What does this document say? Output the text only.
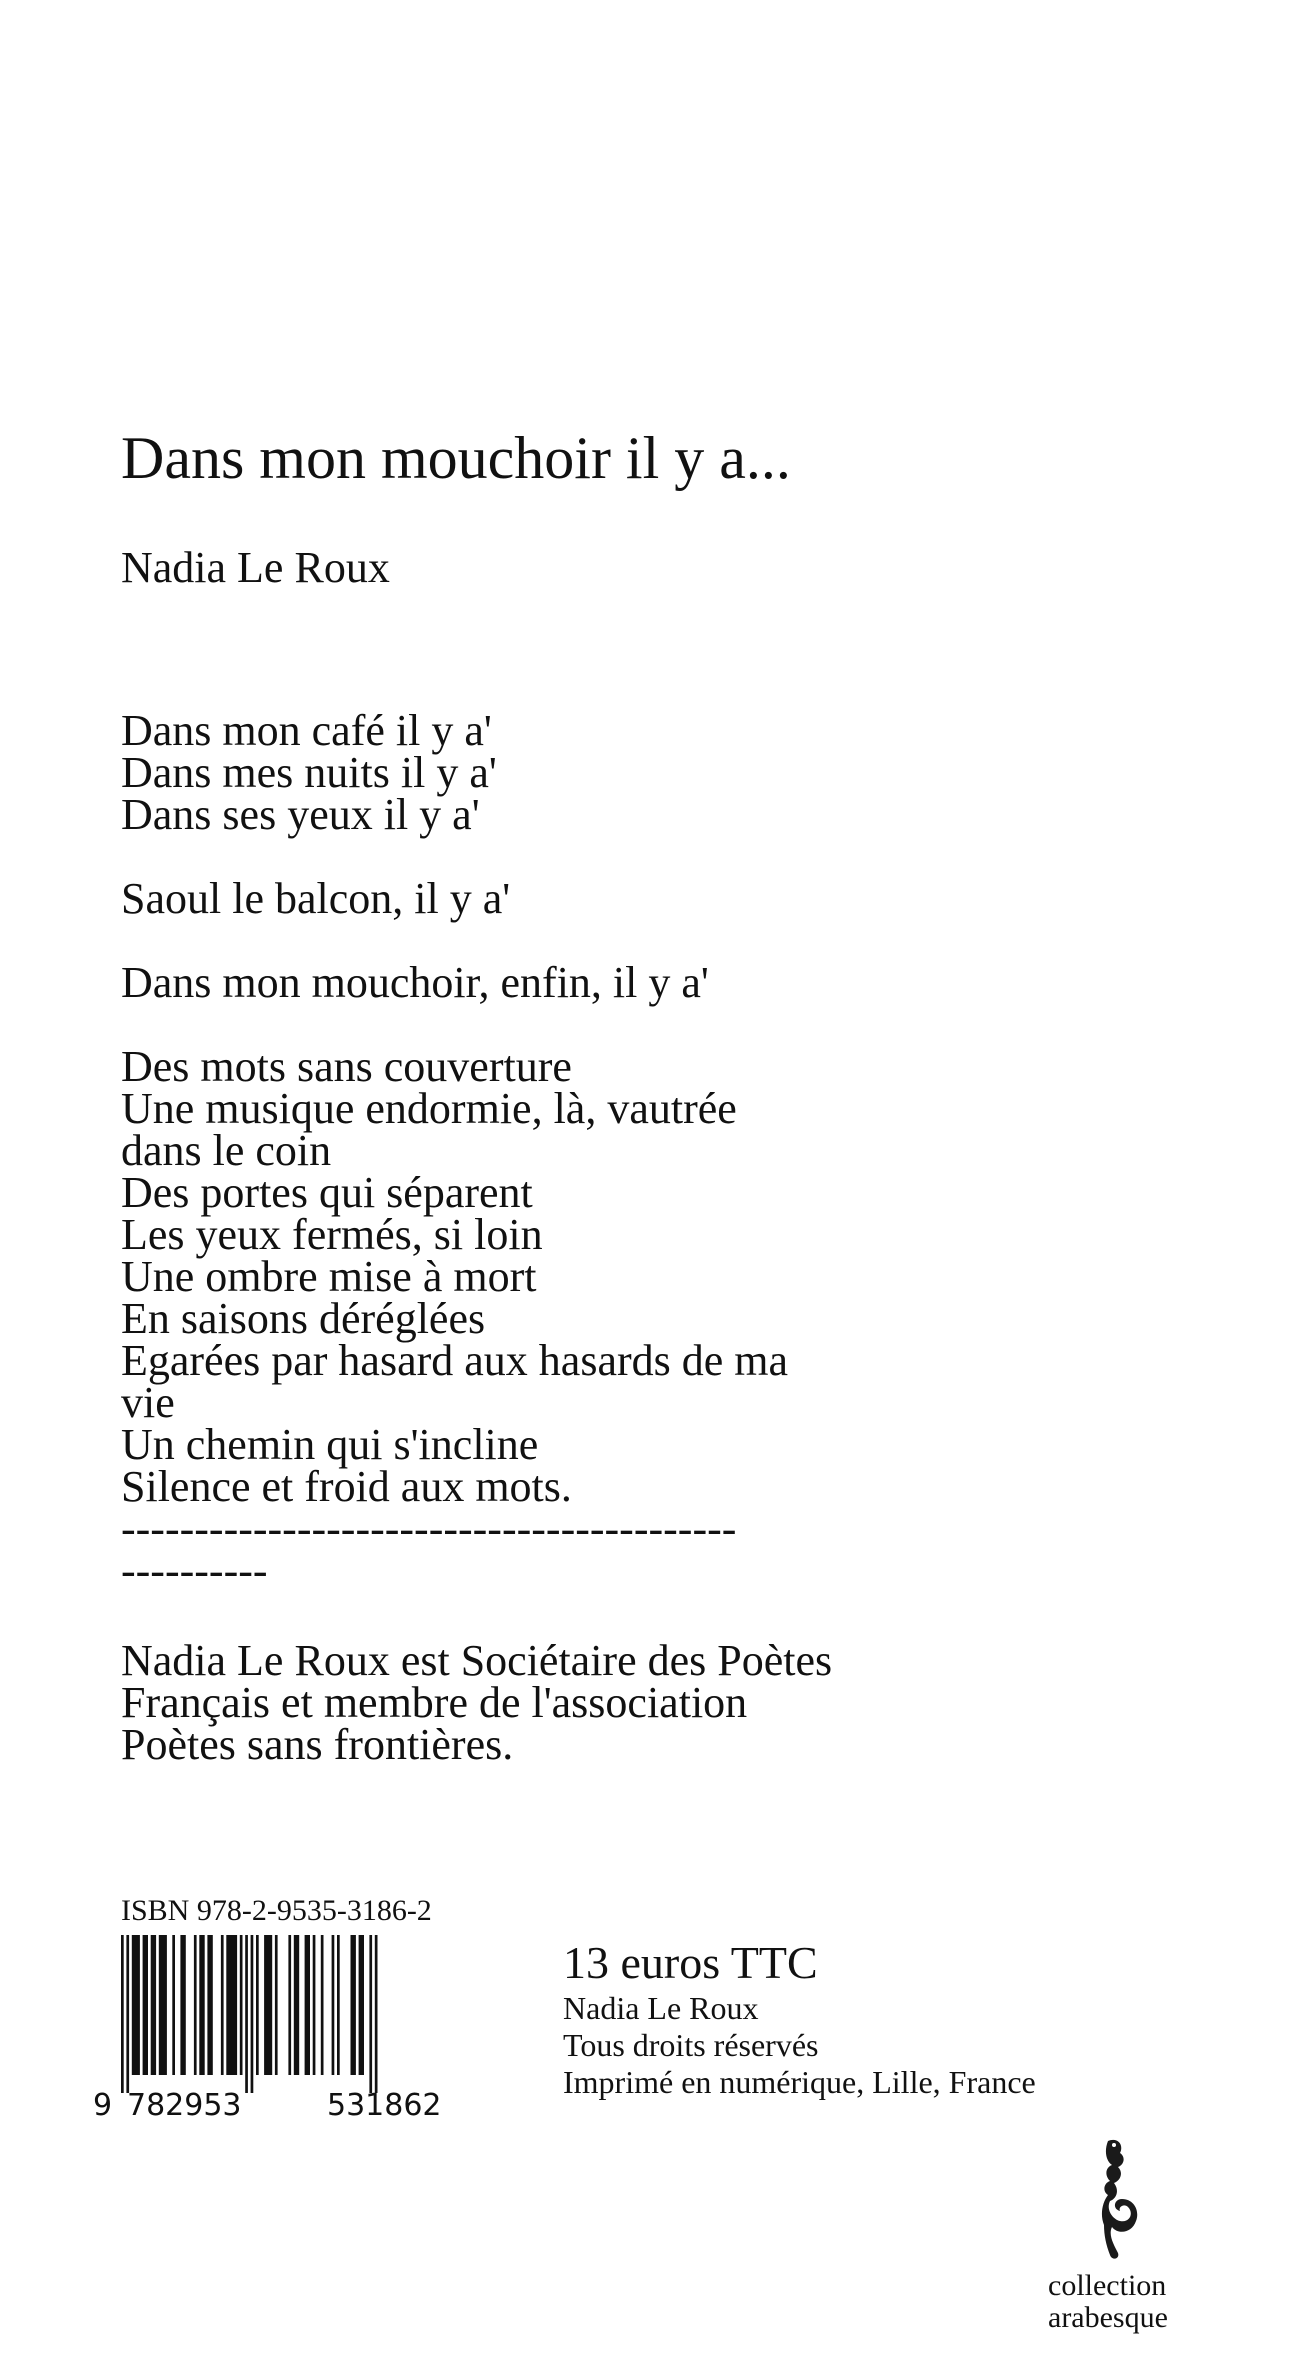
Dans mon mouchoir il y a...
Nadia Le Roux
Dans mon café il y a'
Dans mes nuits il y a'
Dans ses yeux il y a'
Saoul le balcon, il y a'
Dans mon mouchoir, enfin, il y a'
Des mots sans couverture
Une musique endormie, là, vautrée
dans le coin
Des portes qui séparent
Les yeux fermés, si loin
Une ombre mise à mort
En saisons déréglées
Egarées par hasard aux hasards de ma
vie
Un chemin qui s'incline
Silence et froid aux mots.
------------------------------------------
----------
Nadia Le Roux est Sociétaire des Poètes
Français et membre de l'association
Poètes sans frontières.
ISBN 978-2-9535-3186-2
9 782953	531862
13 euros TTC
Nadia Le Roux
Tous droits réservés
Imprimé en numérique, Lille, France
collection
arabesque
